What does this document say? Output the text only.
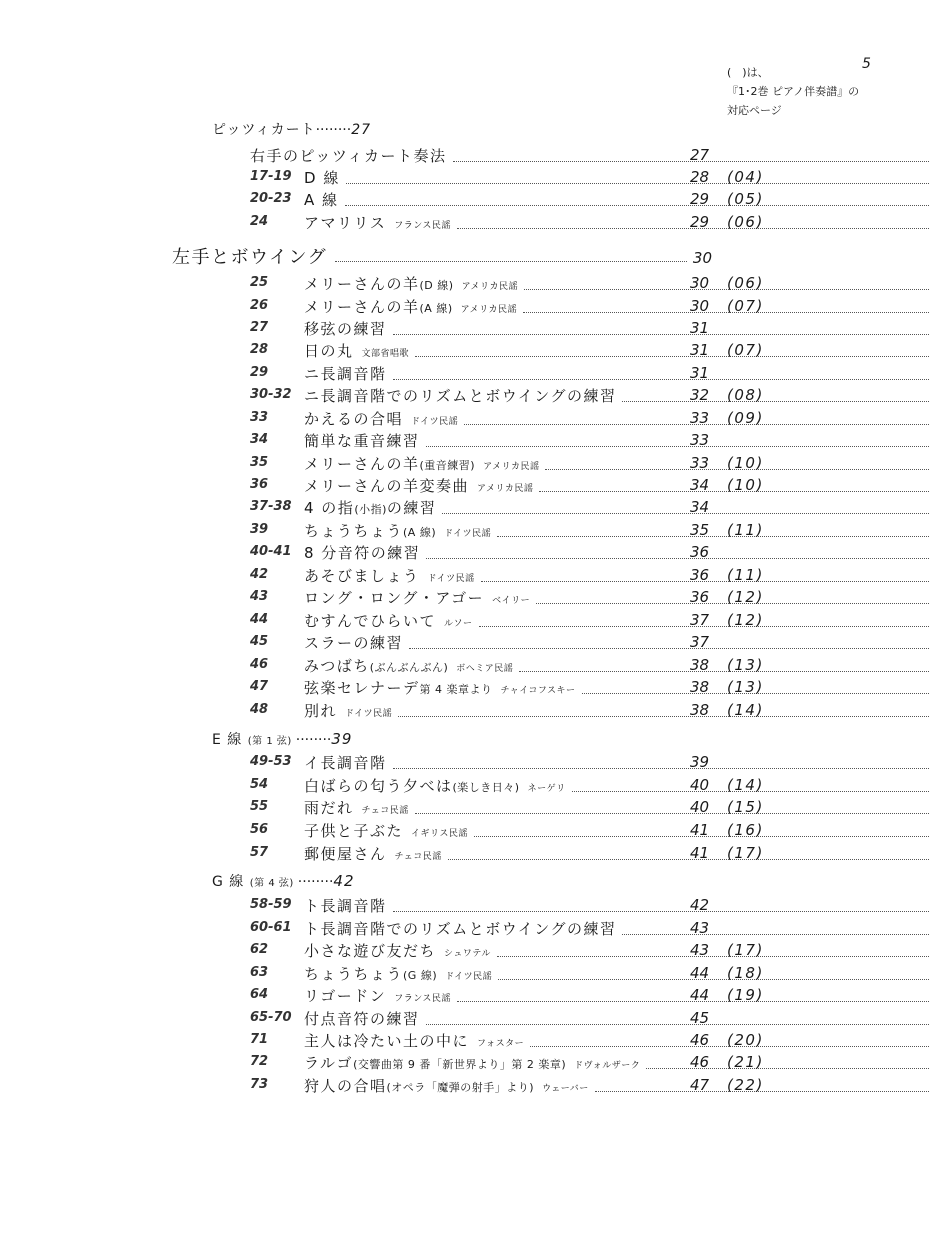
5
(　)は、
『1･2巻 ピアノ伴奏譜』の
対応ページ
ピッツィカート········27
左手とボウイング	30
E 線 (第 1 弦) ········39
G 線 (第 4 弦) ········42
右手のピッツィカート奏法	27
17-19 D 線	28 (04)
20-23 A 線	29 (05)
24 アマリリス フランス民謡	29 (06)
25 メリーさんの羊 (D 線) アメリカ民謡	30 (06)
26 メリーさんの羊 (A 線) アメリカ民謡	30 (07)
27 移弦の練習	31
28 日の丸 文部省唱歌	31 (07)
29 ニ長調音階	31
30-32 ニ長調音階でのリズムとボウイングの練習	32 (08)
33 かえるの合唱 ドイツ民謡	33 (09)
34 簡単な重音練習	33
35 メリーさんの羊 (重音練習) アメリカ民謡	33 (10)
36 メリーさんの羊変奏曲 アメリカ民謡	34 (10)
37-38 4 の指 (小指) の練習	34
39 ちょうちょう (A 線) ドイツ民謡	35 (11)
40-41 8 分音符の練習	36
42 あそびましょう ドイツ民謡	36 (11)
43 ロング・ロング・アゴー ベイリー	36 (12)
44 むすんでひらいて ルソー	37 (12)
45 スラーの練習	37
46 みつばち (ぶんぶんぶん) ボヘミア民謡	38 (13)
47 弦楽セレナーデ 第 4 楽章より チャイコフスキー	38 (13)
48 別れ ドイツ民謡	38 (14)
49-53 イ長調音階	39
54 白ばらの匂う夕べは (楽しき日々) ネーゲリ	40 (14)
55 雨だれ チェコ民謡	40 (15)
56 子供と子ぶた イギリス民謡	41 (16)
57 郵便屋さん チェコ民謡	41 (17)
58-59 ト長調音階	42
60-61 ト長調音階でのリズムとボウイングの練習	43
62 小さな遊び友だち シュワテル	43 (17)
63 ちょうちょう (G 線) ドイツ民謡	44 (18)
64 リゴードン フランス民謡	44 (19)
65-70 付点音符の練習	45
71 主人は冷たい土の中に フォスター	46 (20)
72 ラルゴ (交響曲第 9 番「新世界より」第 2 楽章) ドヴォルザーク	46 (21)
73 狩人の合唱 (オペラ「魔弾の射手」より) ウェーバー	47 (22)
